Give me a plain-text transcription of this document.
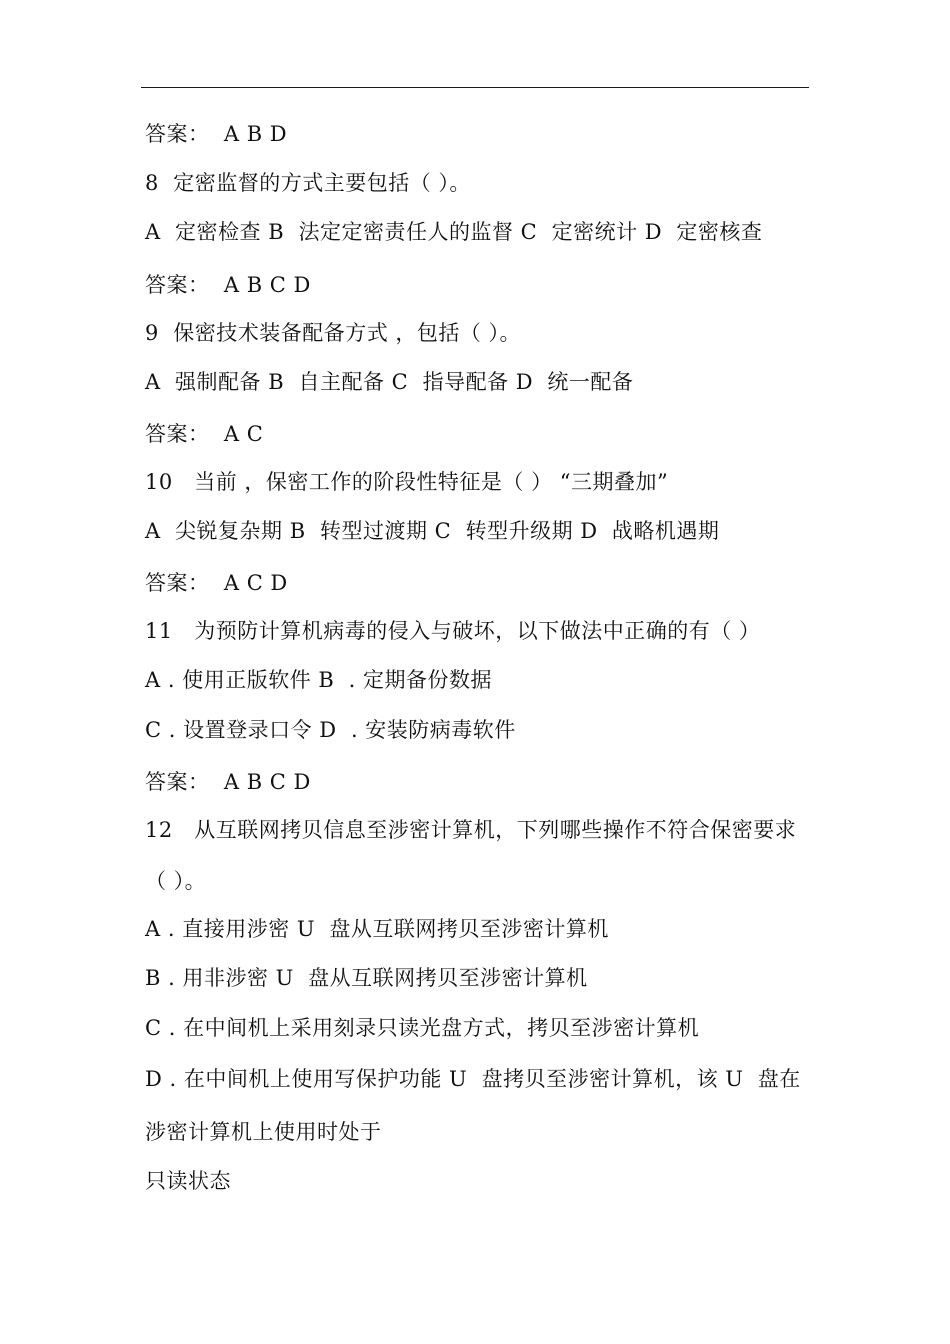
答案：  A B D
8  定密监督的方式主要包括（ ）。
A  定密检查 B  法定定密责任人的监督 C  定密统计 D  定密核查
答案：  A B C D
9  保密技术装备配备方式 ，包括（ ）。
A  强制配备 B  自主配备 C  指导配备 D  统一配备
答案：  A C
10   当前 ，保密工作的阶段性特征是（ ） “三期叠加”
A  尖锐复杂期 B  转型过渡期 C  转型升级期 D  战略机遇期
答案：  A C D
11   为预防计算机病毒的侵入与破坏，以下做法中正确的有（ ）
A . 使用正版软件 B  . 定期备份数据
C . 设置登录口令 D  . 安装防病毒软件
答案：  A B C D
12   从互联网拷贝信息至涉密计算机，下列哪些操作不符合保密要求
（ ）。
A . 直接用涉密 U  盘从互联网拷贝至涉密计算机
B . 用非涉密 U  盘从互联网拷贝至涉密计算机
C . 在中间机上采用刻录只读光盘方式，拷贝至涉密计算机
D . 在中间机上使用写保护功能 U  盘拷贝至涉密计算机，该 U  盘在
涉密计算机上使用时处于
只读状态
